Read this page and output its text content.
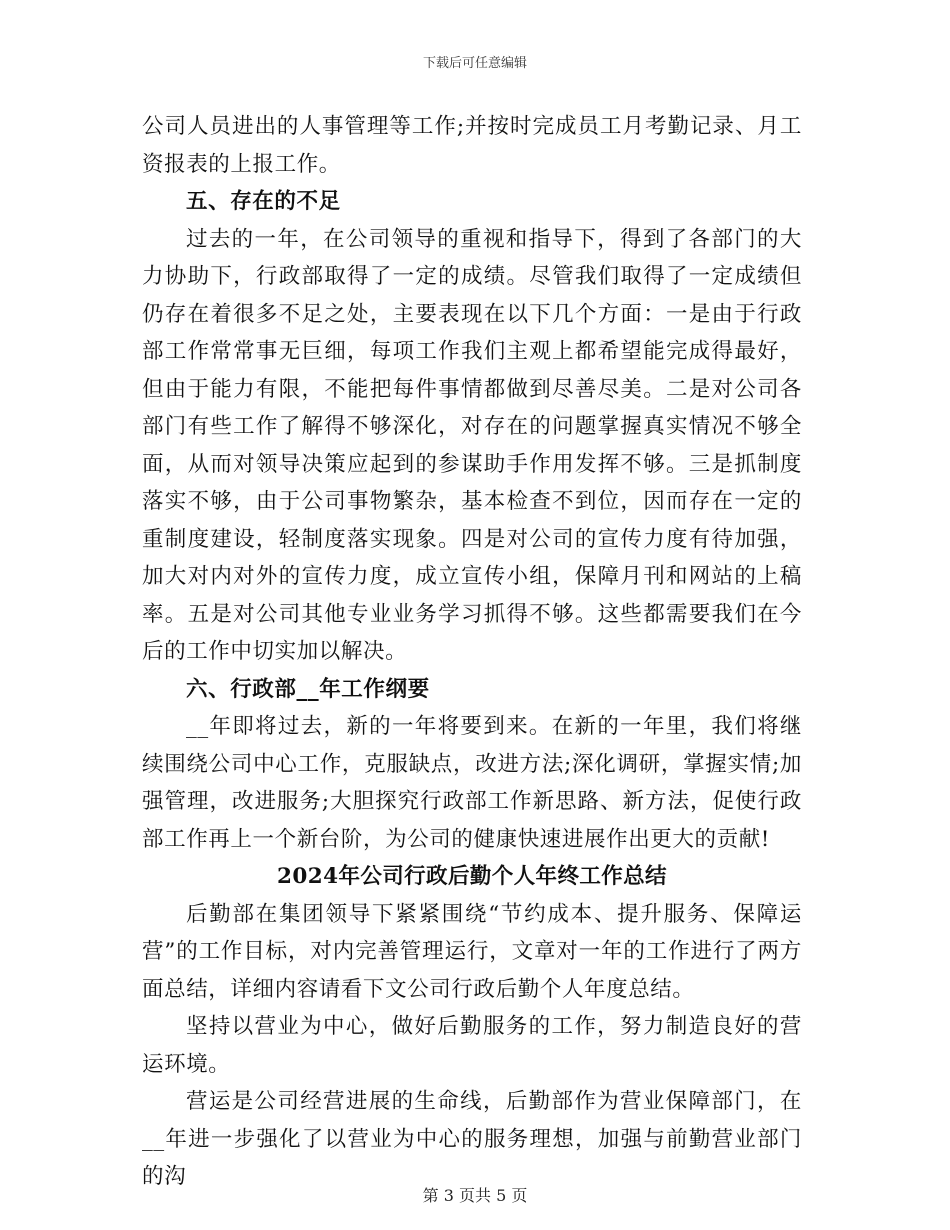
下载后可任意编辑

公司人员进出的人事管理等工作;并按时完成员工月考勤记录、月工资报表的上报工作。

五、存在的不足

过去的一年，在公司领导的重视和指导下，得到了各部门的大力协助下，行政部取得了一定的成绩。尽管我们取得了一定成绩但仍存在着很多不足之处，主要表现在以下几个方面：一是由于行政部工作常常事无巨细，每项工作我们主观上都希望能完成得最好，但由于能力有限，不能把每件事情都做到尽善尽美。二是对公司各部门有些工作了解得不够深化，对存在的问题掌握真实情况不够全面，从而对领导决策应起到的参谋助手作用发挥不够。三是抓制度落实不够，由于公司事物繁杂，基本检查不到位，因而存在一定的重制度建设，轻制度落实现象。四是对公司的宣传力度有待加强，加大对内对外的宣传力度，成立宣传小组，保障月刊和网站的上稿率。五是对公司其他专业业务学习抓得不够。这些都需要我们在今后的工作中切实加以解决。

六、行政部__年工作纲要

__年即将过去，新的一年将要到来。在新的一年里，我们将继续围绕公司中心工作，克服缺点，改进方法;深化调研，掌握实情;加强管理，改进服务;大胆探究行政部工作新思路、新方法，促使行政部工作再上一个新台阶，为公司的健康快速进展作出更大的贡献!

2024年公司行政后勤个人年终工作总结

后勤部在集团领导下紧紧围绕“节约成本、提升服务、保障运营”的工作目标，对内完善管理运行，文章对一年的工作进行了两方面总结，详细内容请看下文公司行政后勤个人年度总结。

坚持以营业为中心，做好后勤服务的工作，努力制造良好的营运环境。

营运是公司经营进展的生命线，后勤部作为营业保障部门，在__年进一步强化了以营业为中心的服务理想，加强与前勤营业部门的沟

第 3 页共 5 页
